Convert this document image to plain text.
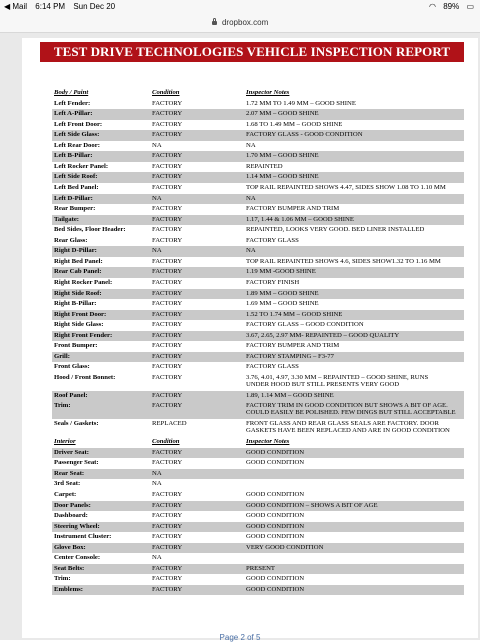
◀ Mail 6:14 PM Sun Dec 20	◠ 89% ▭
dropbox.com
TEST DRIVE TECHNOLOGIES VEHICLE INSPECTION REPORT
Body / Paint	Condition	Inspector Notes
Left Fender:	FACTORY	1.72 MM TO 1.49 MM – GOOD SHINE
Left A-Pillar:	FACTORY	2.07 MM – GOOD SHINE
Left Front Door:	FACTORY	1.68 TO 1.49 MM – GOOD SHINE
Left Side Glass:	FACTORY	FACTORY GLASS - GOOD CONDITION
Left Rear Door:	NA	NA
Left B-Pillar:	FACTORY	1.70 MM – GOOD SHINE
Left Rocker Panel:	FACTORY	REPAINTED
Left Side Roof:	FACTORY	1.14 MM – GOOD SHINE
Left Bed Panel:	FACTORY	TOP RAIL REPAINTED SHOWS 4.47, SIDES SHOW 1.08 TO 1.10 MM
Left D-Pillar:	NA	NA
Rear Bumper:	FACTORY	FACTORY BUMPER AND TRIM
Tailgate:	FACTORY	1.17, 1.44 & 1.06 MM – GOOD SHINE
Bed Sides, Floor Header:	FACTORY	REPAINTED, LOOKS VERY GOOD. BED LINER INSTALLED
Rear Glass:	FACTORY	FACTORY GLASS
Right D-Pillar:	NA	NA
Right Bed Panel:	FACTORY	TOP RAIL REPAINTED SHOWS 4.6, SIDES SHOW1.32 TO 1.16 MM
Rear Cab Panel:	FACTORY	1.19 MM -GOOD SHINE
Right Rocker Panel:	FACTORY	FACTORY FINISH
Right Side Roof:	FACTORY	1.89 MM – GOOD SHINE
Right B-Pillar:	FACTORY	1.69 MM – GOOD SHINE
Right Front Door:	FACTORY	1.52 TO 1.74 MM – GOOD SHINE
Right Side Glass:	FACTORY	FACTORY GLASS – GOOD CONDITION
Right Front Fender:	FACTORY	3.67, 2.65, 2.97 MM- REPAINTED – GOOD QUALITY
Front Bumper:	FACTORY	FACTORY BUMPER AND TRIM
Grill:	FACTORY	FACTORY STAMPING – F3-77
Front Glass:	FACTORY	FACTORY GLASS
Hood / Front Bonnet:	FACTORY	3.76, 4.01, 4.97, 3.30 MM – REPAINTED – GOOD SHINE, RUNS
UNDER HOOD BUT STILL PRESENTS VERY GOOD
Roof Panel:	FACTORY	1.89, 1.14 MM – GOOD SHINE
Trim:	FACTORY	FACTORY TRIM IN GOOD CONDITION BUT SHOWS A BIT OF AGE.
COULD EASILY BE POLISHED. FEW DINGS BUT STILL ACCEPTABLE
Seals / Gaskets:	REPLACED	FRONT GLASS AND REAR GLASS SEALS ARE FACTORY. DOOR
GASKETS HAVE BEEN REPLACED AND ARE IN GOOD CONDITION
Interior	Condition	Inspector Notes
Driver Seat:	FACTORY	GOOD CONDITION
Passenger Seat:	FACTORY	GOOD CONDITION
Rear Seat:	NA
3rd Seat:	NA
Carpet:	FACTORY	GOOD CONDITION
Door Panels:	FACTORY	GOOD CONDITION – SHOWS A BIT OF AGE
Dashboard:	FACTORY	GOOD CONDITION
Steering Wheel:	FACTORY	GOOD CONDITION
Instrument Cluster:	FACTORY	GOOD CONDITION
Glove Box:	FACTORY	VERY GOOD CONDITION
Center Console:	NA
Seat Belts:	FACTORY	PRESENT
Trim:	FACTORY	GOOD CONDITION
Emblems:	FACTORY	GOOD CONDITION
Page 2 of 5
